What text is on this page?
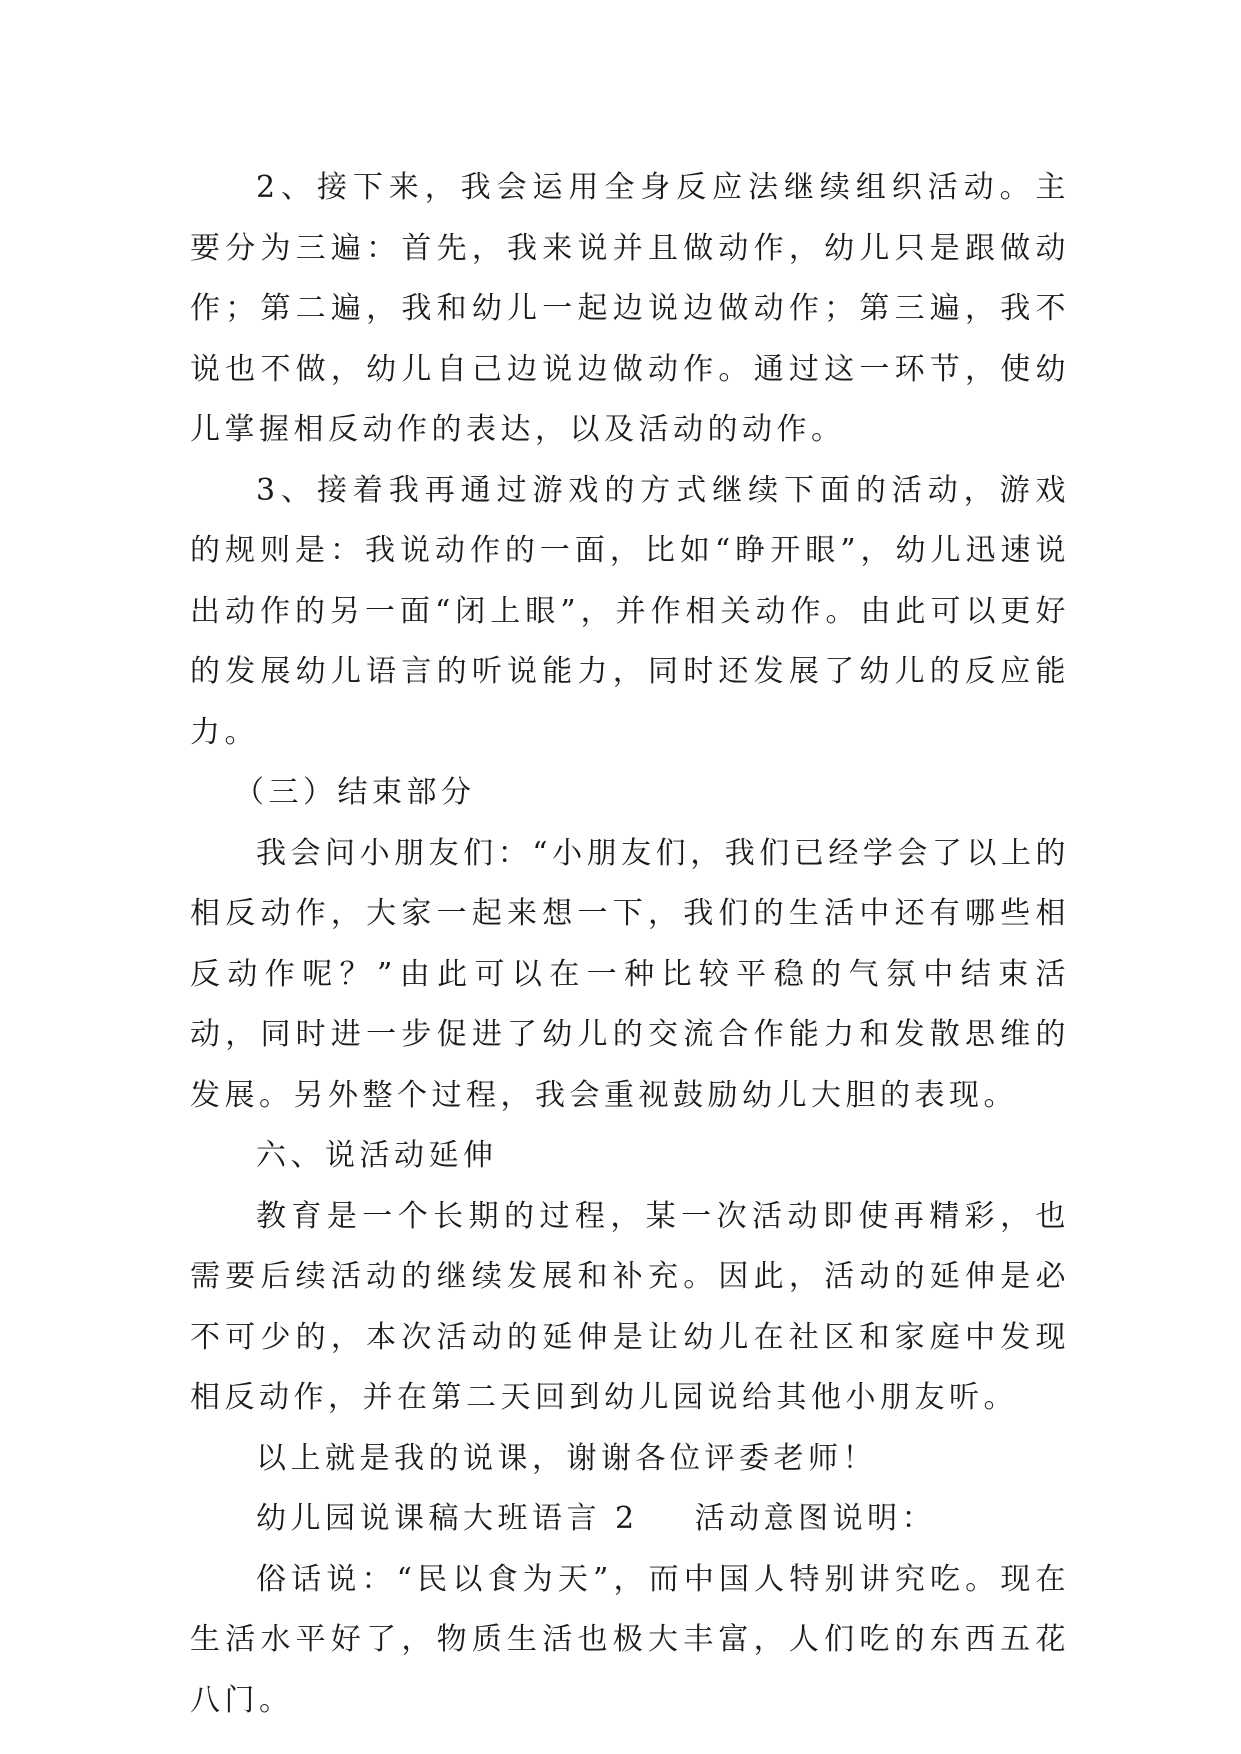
2、接下来，我会运用全身反应法继续组织活动。主要分为三遍：首先，我来说并且做动作，幼儿只是跟做动作；第二遍，我和幼儿一起边说边做动作；第三遍，我不说也不做，幼儿自己边说边做动作。通过这一环节，使幼儿掌握相反动作的表达，以及活动的动作。

3、接着我再通过游戏的方式继续下面的活动，游戏的规则是：我说动作的一面，比如“睁开眼”，幼儿迅速说出动作的另一面“闭上眼”，并作相关动作。由此可以更好的发展幼儿语言的听说能力，同时还发展了幼儿的反应能力。

（三）结束部分

我会问小朋友们：“小朋友们，我们已经学会了以上的相反动作，大家一起来想一下，我们的生活中还有哪些相反动作呢？”由此可以在一种比较平稳的气氛中结束活动，同时进一步促进了幼儿的交流合作能力和发散思维的发展。另外整个过程，我会重视鼓励幼儿大胆的表现。

六、说活动延伸

教育是一个长期的过程，某一次活动即使再精彩，也需要后续活动的继续发展和补充。因此，活动的延伸是必不可少的，本次活动的延伸是让幼儿在社区和家庭中发现相反动作，并在第二天回到幼儿园说给其他小朋友听。

以上就是我的说课，谢谢各位评委老师！

幼儿园说课稿大班语言 2 活动意图说明：

俗话说：“民以食为天”，而中国人特别讲究吃。现在生活水平好了，物质生活也极大丰富，人们吃的东西五花八门。
